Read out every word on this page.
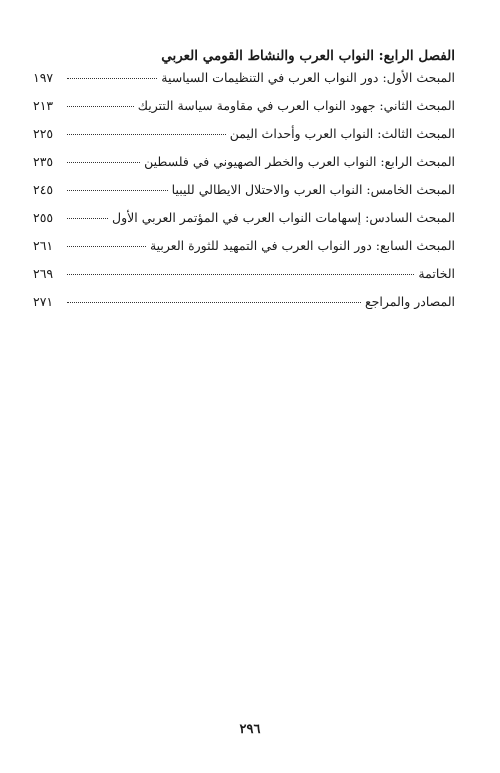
الفصل الرابع: النواب العرب والنشاط القومي العربي
المبحث الأول: دور النواب العرب في التنظيمات السياسية
١٩٧
المبحث الثاني: جهود النواب العرب في مقاومة سياسة التتريك
٢١٣
المبحث الثالث: النواب العرب وأحداث اليمن
٢٢٥
المبحث الرابع: النواب العرب والخطر الصهيوني في فلسطين
٢٣٥
المبحث الخامس: النواب العرب والاحتلال الايطالي لليبيا
٢٤٥
المبحث السادس: إسهامات النواب العرب في المؤتمر العربي الأول
٢٥٥
المبحث السابع: دور النواب العرب في التمهيد للثورة العربية
٢٦١
الخاتمة
٢٦٩
المصادر والمراجع
٢٧١
٢٩٦
